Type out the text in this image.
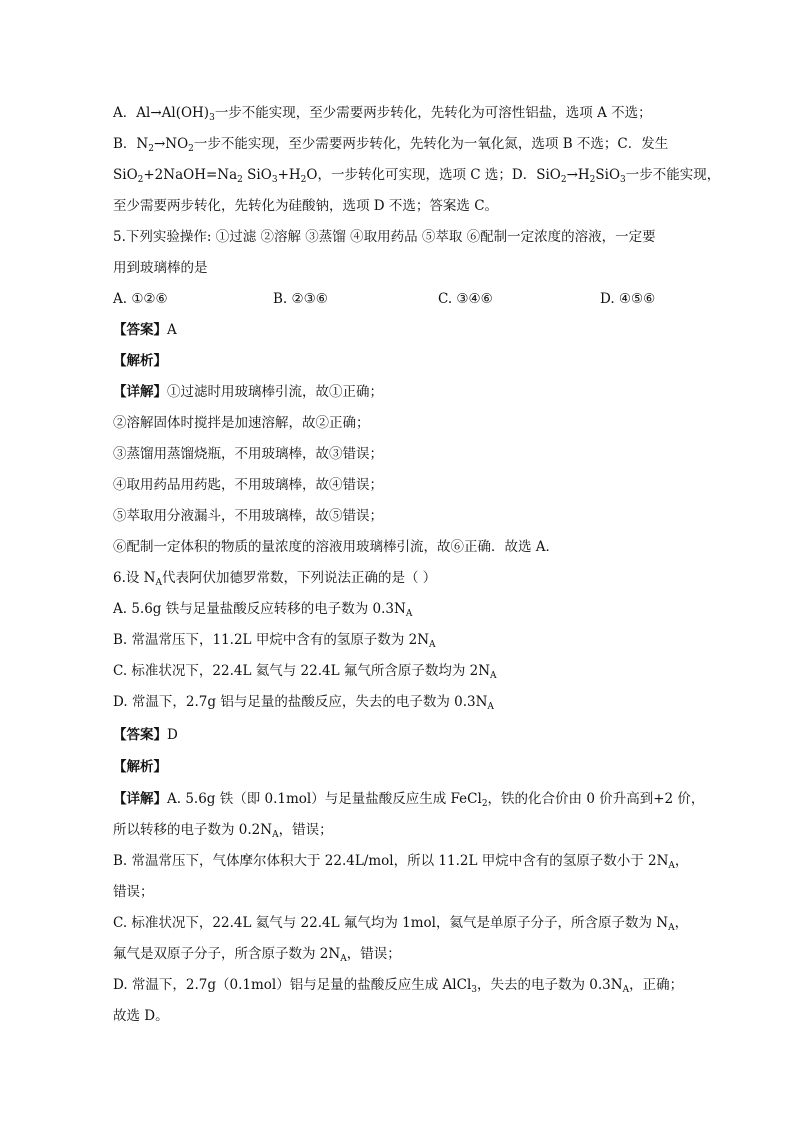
A．$Al\to Al(OH)_3$一步不能实现，至少需要两步转化，先转化为可溶性铝盐，选项 A 不选；
B．$N_2\to NO_2$一步不能实现，至少需要两步转化，先转化为一氧化氮，选项 B 不选；C．发生
$SiO_2+2NaOH=Na_2$ $SiO_3+H_2O$，一步转化可实现，选项 C 选；D．$SiO_2\to H_2SiO_3$一步不能实现，
至少需要两步转化，先转化为硅酸钠，选项 D 不选；答案选 C。
5.下列实验操作: ①过滤 ②溶解 ③蒸馏 ④取用药品 ⑤萃取 ⑥配制一定浓度的溶液，一定要
用到玻璃棒的是
A. ①②⑥	B. ②③⑥	C. ③④⑥	D. ④⑤⑥
【答案】A
【解析】
【详解】①过滤时用玻璃棒引流，故①正确；
②溶解固体时搅拌是加速溶解，故②正确；
③蒸馏用蒸馏烧瓶，不用玻璃棒，故③错误；
④取用药品用药匙，不用玻璃棒，故④错误；
⑤萃取用分液漏斗，不用玻璃棒，故⑤错误；
⑥配制一定体积的物质的量浓度的溶液用玻璃棒引流，故⑥正确．故选 A．
6.设 $N_A$代表阿伏加德罗常数，下列说法正确的是（ ）
A. 5.6g 铁与足量盐酸反应转移的电子数为 $0.3N_A$
B. 常温常压下，11.2L 甲烷中含有的氢原子数为 $2N_A$
C. 标准状况下，22.4L 氦气与 22.4L 氟气所含原子数均为 $2N_A$
D. 常温下，2.7g 铝与足量的盐酸反应，失去的电子数为 $0.3N_A$
【答案】D
【解析】
【详解】A. 5.6g 铁（即 0.1mol）与足量盐酸反应生成 FeCl$_2$，铁的化合价由 0 价升高到+2 价，
所以转移的电子数为 $0.2N_A$，错误；
B. 常温常压下，气体摩尔体积大于 22.4L/mol，所以 11.2L 甲烷中含有的氢原子数小于 $2N_A$，
错误；
C. 标准状况下，22.4L 氦气与 22.4L 氟气均为 1mol，氦气是单原子分子，所含原子数为 $N_A$，
氟气是双原子分子，所含原子数为 $2N_A$，错误；
D. 常温下，2.7g（0.1mol）铝与足量的盐酸反应生成 AlCl$_3$，失去的电子数为 $0.3N_A$，正确；
故选 D。
